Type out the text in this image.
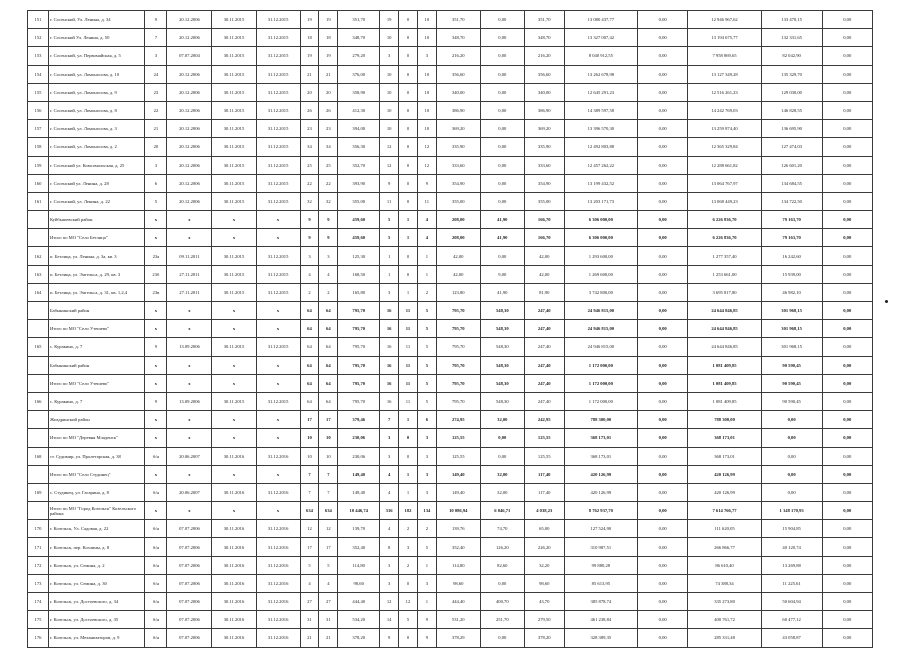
151	г. Сосенский, Ул. Ленина, д. 34	9	20.12.2006	30.11.2015	31.12.2015	19	19	351,70	19	0	10	351,70	0,00	351,70	13 080 437,77	0,00	12 946 967,62	133 470,15	0,00
152	г. Сосенский Ул. Ленина, д. 50	7	20.12.2006	30.11.2015	31.12.2015	18	18	348,70	10	0	10	348,70	0,00	348,70	13 327 007,42	0,00	13 194 675,77	132 331,65	0,00
153	г. Сосенский, ул. Первомайская, д. 5	3	07.07.2004	30.11.2015	31.12.2015	19	19	279,20	3	0	3	216,20	0,00	216,20	8 040 912,55	0,00	7 958 869,65	82 042,90	0,00
154	г. Сосенский, ул. Ломоносова, д. 10	24	20.12.2006	30.11.2015	31.12.2015	21	21	376,00	10	0	10	356,60	0,00	356,60	13 262 678,98	0,00	13 127 349,28	135 329,70	0,00
155	г. Сосенский, ул. Ломоносова, д. 9	23	20.12.2006	30.11.2015	31.12.2015	20	20	358,90	10	0	10	340,00	0,00	340,00	12 645 291,23	0,00	12 516 261,23	129 030,00	0,00
156	г. Сосенский, ул. Ломоносова, д. 8	22	20.12.2006	30.11.2015	31.12.2015	26	26	412,30	10	0	10	386,90	0,00	386,90	14 389 597,58	0,00	14 242 769,03	146 828,55	0,00
157	г. Сосенский, ул. Ломоносова, д. 3	21	20.12.2006	30.11.2015	31.12.2015	23	23	394,00	10	0	10	369,20	0,00	369,20	13 396 570,30	0,00	13 259 874,40	136 695,90	0,00
158	г. Сосенский, ул. Ломоносова, д. 2	20	20.12.2006	30.11.2015	31.12.2015	34	34	356,30	12	0	12	335,90	0,00	335,90	12 492 803,88	0,00	12 365 329,84	127 474,03	0,00
159	г. Сосенский ул. Комсомольская, д. 25	3	20.12.2006	30.11.2015	31.12.2015	25	25	352,70	12	0	12	333,60	0,00	333,60	12 457 262,22	0,00	12 288 661,82	126 601,20	0,00
160	г. Сосенский ул. Ленина, д. 28	6	20.12.2006	30.11.2015	31.12.2015	22	22	393,90	9	0	9	354,90	0,00	354,90	13 199 432,52	0,00	13 064 767,97	134 684,55	0,00
161	г. Сосенский, ул. Ленина, д. 22	5	20.12.2006	30.11.2015	31.12.2015	32	32	355,00	11	0	11	355,00	0,00	355,00	13 203 171,73	0,00	13 068 449,23	134 722,50	0,00
	Куйбышевский район	x	x	x	x	9	9	459,60	5	1	4	208,00	41,90	166,70	6 306 000,00	0,00	6 226 836,70	79 163,70	0,00
	Итого по МО "Село Бетлица"	x	x	x	x	9	9	459,60	5	1	4	208,00	41,90	166,70	6 306 000,00	0,00	6 226 836,70	79 163,70	0,00
162	п. Бетлица, ул. Ленина, д. 3а, кв. 3	23а	09.11.2011	30.11.2015	31.12.2015	3	3	125,30	1	0	1	42,00	0,00	42,00	1 293 600,00	0,00	1 277 357,40	16 242,60	0,00
163	п. Бетлица, ул. Энгельса, д. 29, кв. 3	23б	27.11.2011	30.11.2015	31.12.2015	4	4	168,50	1	0	1	42,00	9,00	42,00	1 269 600,00	0,00	1 253 661,00	15 939,00	0,00
164	п. Бетлица, ул. Энгельса, д. 31, кв. 1,2,4	23в	27.11.2011	30.11.2015	31.12.2015	2	2	165,80	3	1	2	123,80	41,90	81,90	3 742 800,00	0,00	3 695 817,80	46 982,10	0,00
	Бабынинский район	x	x	x	x	64	64	795,70	16	11	5	795,70	548,30	247,40	24 946 815,00	0,00	24 644 846,85	301 968,15	0,00
	Итого по МО "Село Утешево"	x	x	x	x	64	64	795,70	16	11	5	795,70	548,30	247,40	24 946 815,00	0,00	24 644 846,85	301 968,15	0,00
165	с. Куракино, д. 7	9	13.09.2006	30.11.2015	31.12.2015	64	64	795,70	16	11	5	795,70	548,30	247,40	24 946 815,00	0,00	24 644 846,85	301 968,15	0,00
	Бабынинский район	x	x	x	x	64	64	795,70	16	11	5	795,70	548,30	247,40	1 172 000,00	0,00	1 081 409,85	90 590,45	0,00
	Итого по МО "Село Утешево"	x	x	x	x	64	64	795,70	16	11	5	795,70	548,30	247,40	1 172 000,00	0,00	1 081 409,85	90 590,45	0,00
166	с. Куракино, д. 7	9	13.09.2006	30.11.2015	31.12.2015	64	64	795,70	16	11	5	795,70	548,30	247,40	1 172 000,00	0,00	1 081 409,85	90 590,45	0,00
	Жиздринский район	x	x	x	x	17	17	379,46	7	1	6	274,95	32,00	242,95	788 300,00	0,00	788 300,00	0,00	0,00
	Итого по МО "Деревня Младенск"	x	x	x	x	10	10	230,06	3	0	3	125,55	0,00	125,55	368 173,01	0,00	368 173,01	0,00	0,00
168	ст. Судимир, ул. Пролетарская, д. 38	б/н	20.06.2007	30.11.2016	31.12.2016	10	10	230,06	3	0	3	125,55	0,00	125,55	368 173,01	0,00	368 173,01	0,00	0,00
	Итого по МО "Село Студинец"	x	x	x	x	7	7	149,40	4	1	3	149,40	32,00	117,40	420 126,99	0,00	420 126,99	0,00	0,00
169	с. Студинец, ул. Гагарина, д. 8	б/н	20.06.2007	30.11.2016	31.12.2016	7	7	149,40	4	1	3	149,40	32,00	117,40	420 126,99	0,00	420 126,99	0,00	0,00
	Итого по МО "Город Козельск" Козельского района	x	x	x	x	634	634	10 446,74	316	182	134	10 086,94	6 046,71	4 038,23	8 762 937,70	0,00	7 614 766,77	1 148 170,93	0,00
170	г. Козельск, Ул. Садовая, д. 22	б/н	07.07.2006	30.11.2016	31.12.2016	12	12	139,70	4	2	2	139,76	74,70	65,00	127 524,90	0,00	111 620,05	15 904,85	0,00
171	г. Козельск, пер. Козлины, д. 8	б/н	07.07.2006	30.11.2016	31.12.2016	17	17	352,40	8	3	5	352,40	126,20	226,20	310 987,51	0,00	266 866,77	40 120,74	0,00
172	г. Козельск, ул. Семина, д. 2	б/н	07.07.2006	30.11.2016	31.12.2016	5	5	114,80	3	2	1	114,80	82,60	32,20	99 880,28	0,00	86 610,40	13 269,88	0,00
173	г. Козельск, ул. Семина, д. 30	б/н	07.07.2006	30.11.2016	31.12.2016	4	4	98,60	3	0	3	98,60	0,00	98,60	85 613,95	0,00	74 388,34	11 225,61	0,00
174	г. Козельск, ул. Достоевского, д. 34	б/н	07.07.2006	30.11.2016	31.12.2016	27	27	444,40	12	12	1	444,40	400,70	43,70	385 878,74	0,00	335 273,80	50 604,94	0,00
175	г. Козельск, ул. Достоевского, д. 35	б/н	07.07.2006	30.11.2016	31.12.2016	31	31	534,20	14	5	9	531,20	251,70	279,50	461 238,84	0,00	400 761,72	60 477,12	0,00
176	г. Козельск, ул. Механизаторов, д. 9	б/н	07.07.2006	30.11.2016	31.12.2016	21	21	378,20	9	0	9	378,29	0,00	378,20	328 389,35	0,00	285 331,48	43 058,87	0,00
